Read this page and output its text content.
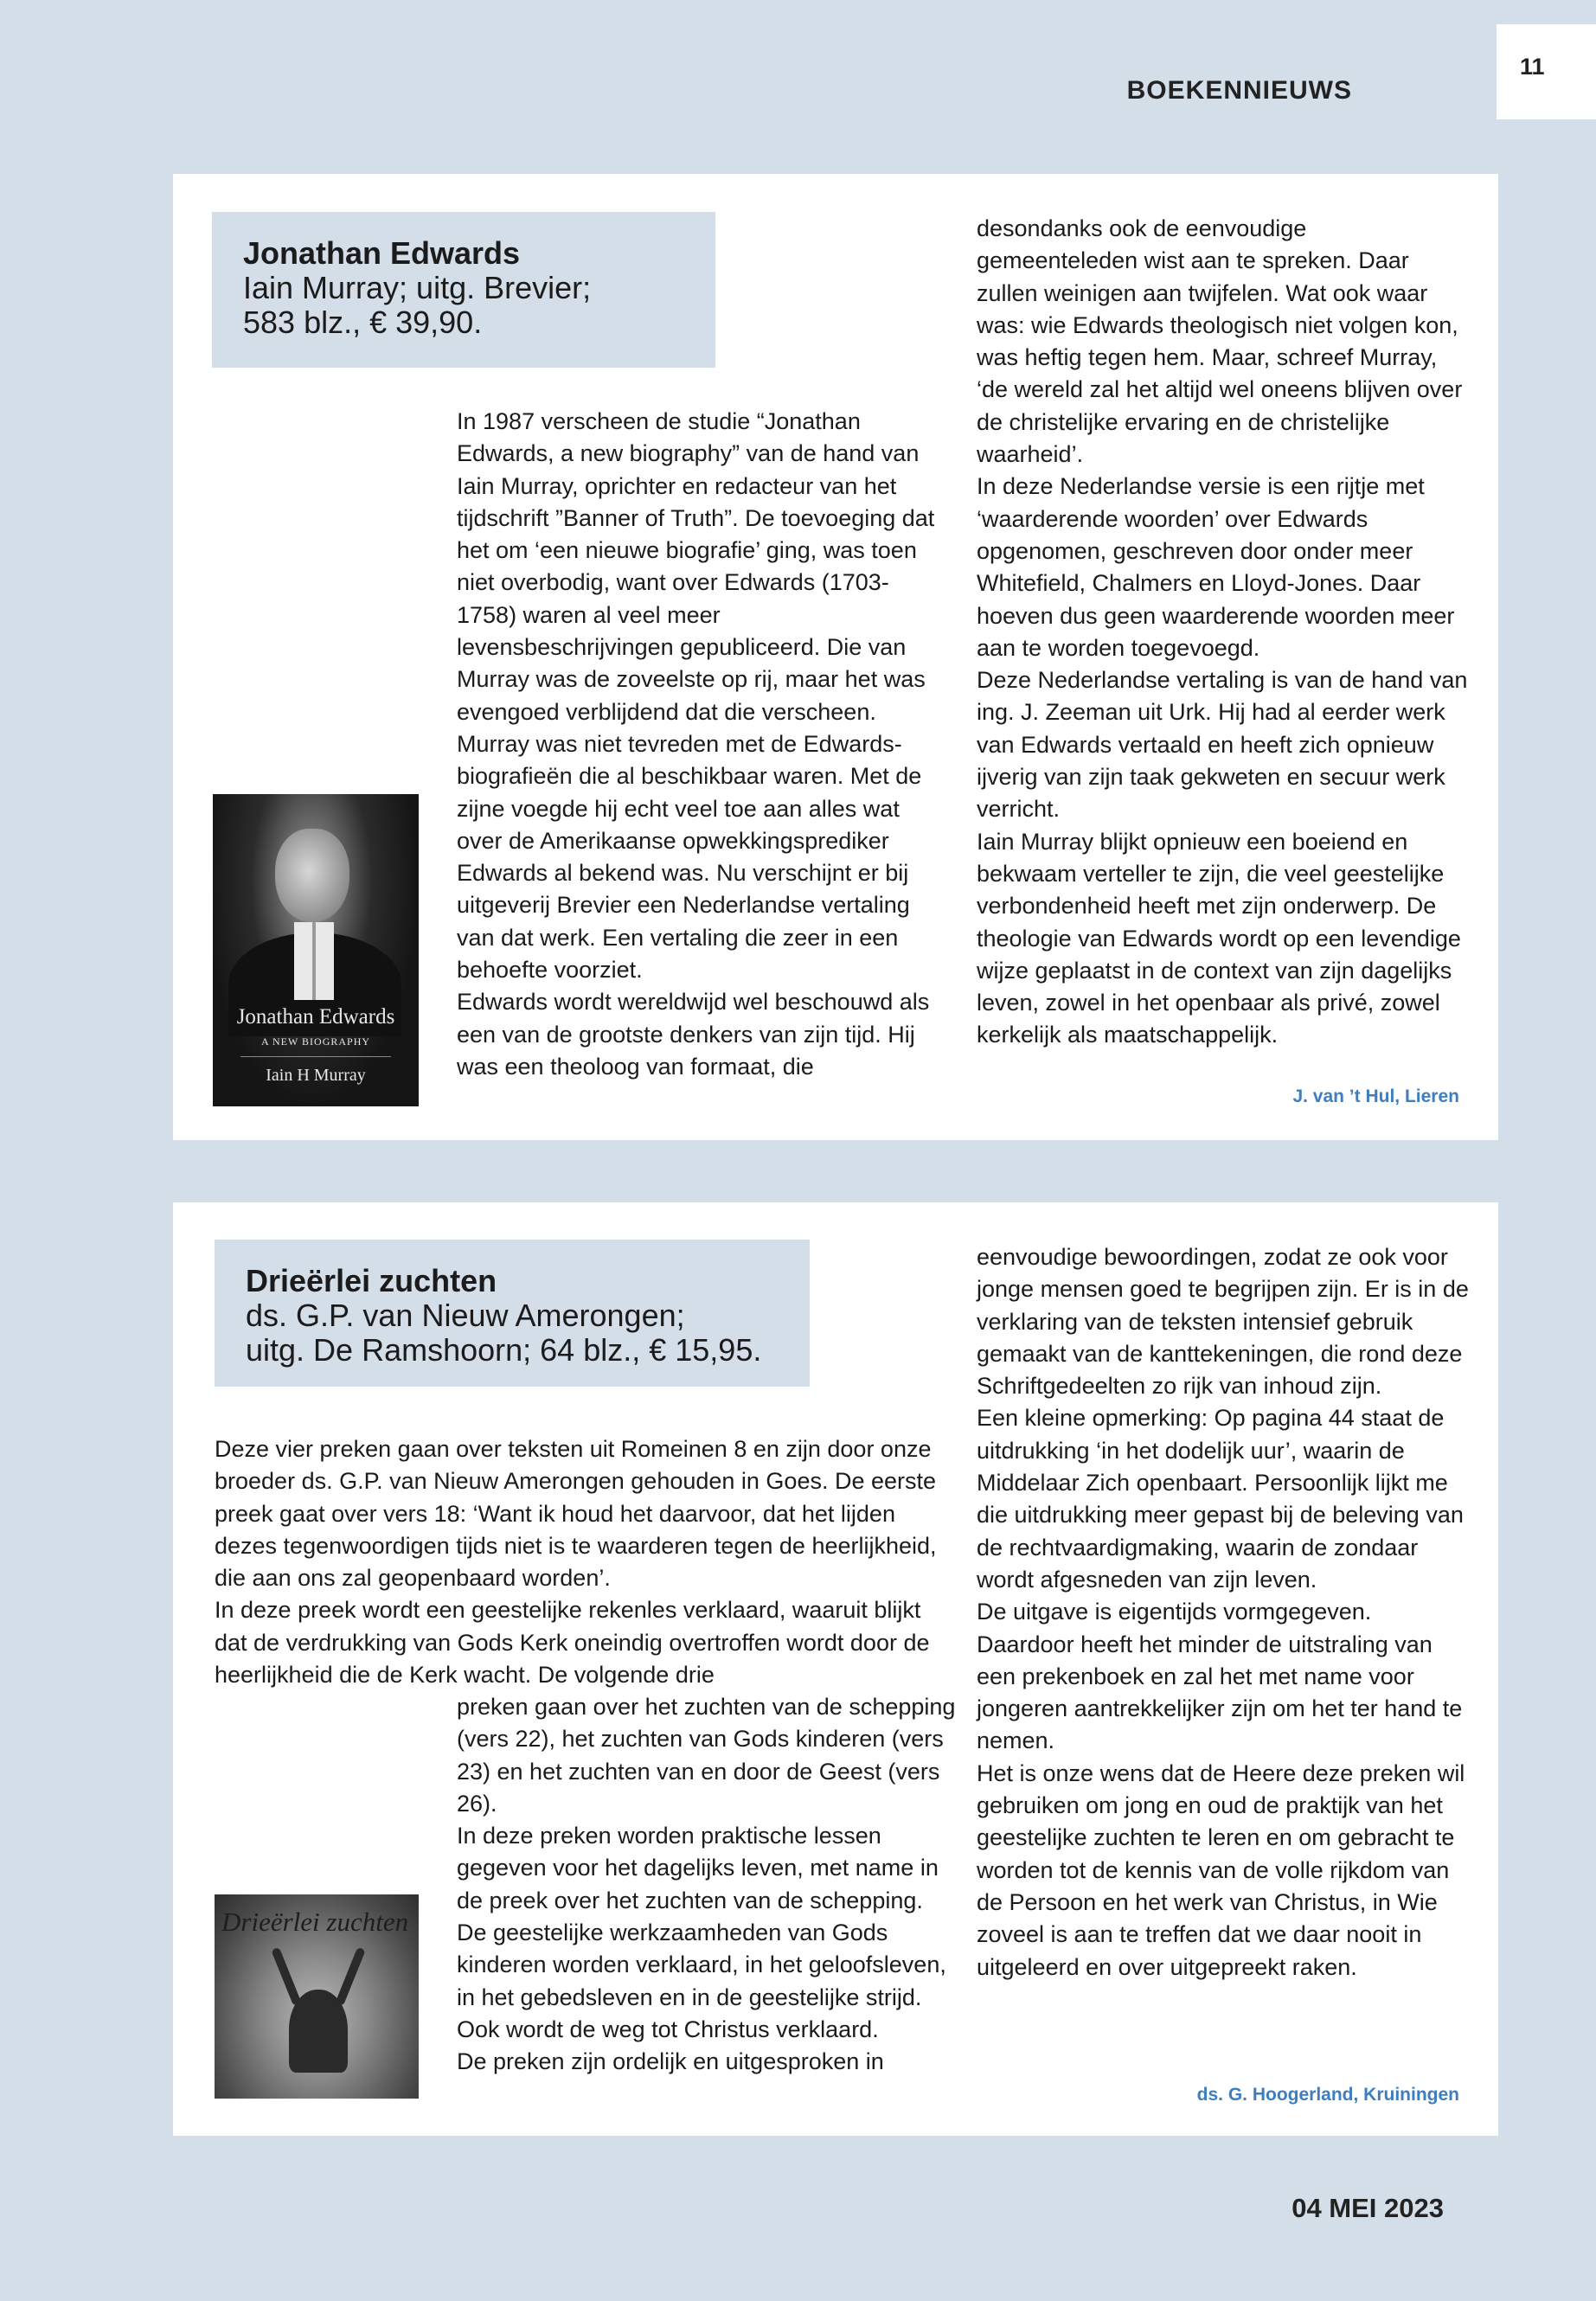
BOEKENNIEUWS
11
Jonathan Edwards
Iain Murray; uitg. Brevier;
583 blz., € 39,90.
Jonathan Edwards
A NEW BIOGRAPHY
Iain H Murray

In 1987 verscheen de studie “Jonathan Edwards, a new biography” van de hand van Iain Murray, oprichter en redacteur van het tijdschrift ”Banner of Truth”. De toevoeging dat het om ‘een nieuwe biografie’ ging, was toen niet overbodig, want over Edwards (1703-1758) waren al veel meer levensbeschrijvingen gepubliceerd. Die van Murray was de zoveelste op rij, maar het was evengoed verblijdend dat die verscheen. Murray was niet tevreden met de Edwards-biografieën die al beschikbaar waren. Met de zijne voegde hij echt veel toe aan alles wat over de Amerikaanse opwekkingsprediker Edwards al bekend was. Nu verschijnt er bij uitgeverij Brevier een Nederlandse vertaling van dat werk. Een vertaling die zeer in een behoefte voorziet.

Edwards wordt wereldwijd wel beschouwd als een van de grootste denkers van zijn tijd. Hij was een theoloog van formaat, die

desondanks ook de eenvoudige gemeenteleden wist aan te spreken. Daar zullen weinigen aan twijfelen. Wat ook waar was: wie Edwards theologisch niet volgen kon, was heftig tegen hem. Maar, schreef Murray, ‘de wereld zal het altijd wel oneens blijven over de christelijke ervaring en de christelijke waarheid’.

In deze Nederlandse versie is een rijtje met ‘waarderende woorden’ over Edwards opgenomen, geschreven door onder meer Whitefield, Chalmers en Lloyd-Jones. Daar hoeven dus geen waarderende woorden meer aan te worden toegevoegd.

Deze Nederlandse vertaling is van de hand van ing. J. Zeeman uit Urk. Hij had al eerder werk van Edwards vertaald en heeft zich opnieuw ijverig van zijn taak gekweten en secuur werk verricht.

Iain Murray blijkt opnieuw een boeiend en bekwaam verteller te zijn, die veel geestelijke verbondenheid heeft met zijn onderwerp. De theologie van Edwards wordt op een levendige wijze geplaatst in de context van zijn dagelijks leven, zowel in het openbaar als privé, zowel kerkelijk als maatschappelijk.

J. van ’t Hul, Lieren
Drieërlei zuchten
ds. G.P. van Nieuw Amerongen;
uitg. De Ramshoorn; 64 blz., € 15,95.

Deze vier preken gaan over teksten uit Romeinen 8 en zijn door onze broeder ds. G.P. van Nieuw Amerongen gehouden in Goes. De eerste preek gaat over vers 18: ‘Want ik houd het daarvoor, dat het lijden dezes tegenwoordigen tijds niet is te waarderen tegen de heerlijkheid, die aan ons zal geopenbaard worden’.

In deze preek wordt een geestelijke rekenles verklaard, waaruit blijkt dat de verdrukking van Gods Kerk oneindig overtroffen wordt door de heerlijkheid die de Kerk wacht. De volgende drie

Drieërlei zuchten

preken gaan over het zuchten van de schepping (vers 22), het zuchten van Gods kinderen (vers 23) en het zuchten van en door de Geest (vers 26).

In deze preken worden praktische lessen gegeven voor het dagelijks leven, met name in de preek over het zuchten van de schepping. De geestelijke werkzaamheden van Gods kinderen worden verklaard, in het geloofsleven, in het gebedsleven en in de geestelijke strijd. Ook wordt de weg tot Christus verklaard.

De preken zijn ordelijk en uitgesproken in

eenvoudige bewoordingen, zodat ze ook voor jonge mensen goed te begrijpen zijn. Er is in de verklaring van de teksten intensief gebruik gemaakt van de kanttekeningen, die rond deze Schriftgedeelten zo rijk van inhoud zijn.

Een kleine opmerking: Op pagina 44 staat de uitdrukking ‘in het dodelijk uur’, waarin de Middelaar Zich openbaart. Persoonlijk lijkt me die uitdrukking meer gepast bij de beleving van de rechtvaardigmaking, waarin de zondaar wordt afgesneden van zijn leven.

De uitgave is eigentijds vormgegeven. Daardoor heeft het minder de uitstraling van een prekenboek en zal het met name voor jongeren aantrekkelijker zijn om het ter hand te nemen.

Het is onze wens dat de Heere deze preken wil gebruiken om jong en oud de praktijk van het geestelijke zuchten te leren en om gebracht te worden tot de kennis van de volle rijkdom van de Persoon en het werk van Christus, in Wie zoveel is aan te treffen dat we daar nooit in uitgeleerd en over uitgepreekt raken.

ds. G. Hoogerland, Kruiningen
04 MEI 2023
